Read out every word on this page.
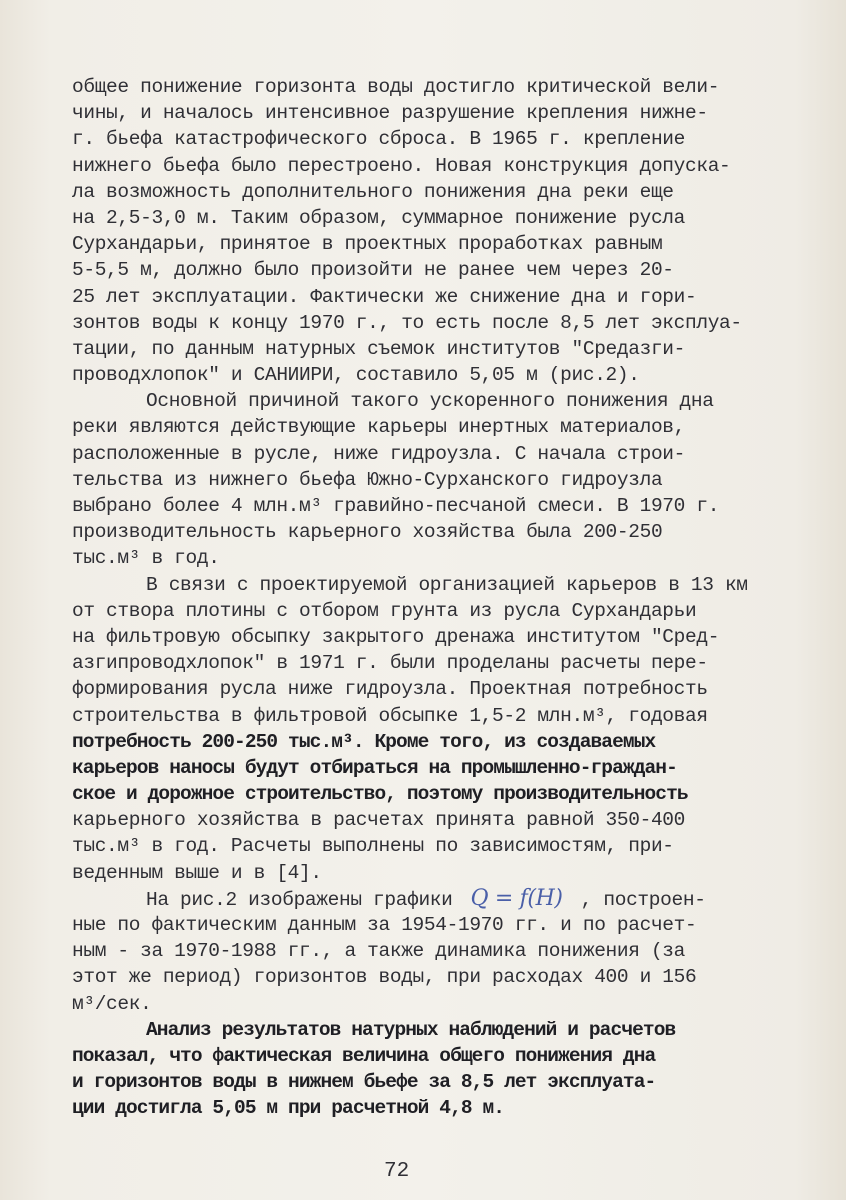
общее понижение горизонта воды достигло критической вели-
чины, и началось интенсивное разрушение крепления нижне-
г. бьефа катастрофического сброса. В 1965 г. крепление
нижнего бьефа было перестроено. Новая конструкция допуска-
ла возможность дополнительного понижения дна реки еще
на 2,5-3,0 м. Таким образом, суммарное понижение русла
Сурхандарьи, принятое в проектных проработках равным
5-5,5 м, должно было произойти не ранее чем через 20-
25 лет эксплуатации. Фактически же снижение дна и гори-
зонтов воды к концу 1970 г., то есть после 8,5 лет эксплуа-
тации, по данным натурных съемок институтов "Средазги-
проводхлопок" и САНИИРИ, составило 5,05 м (рис.2).
Основной причиной такого ускоренного понижения дна
реки являются действующие карьеры инертных материалов,
расположенные в русле, ниже гидроузла. С начала строи-
тельства из нижнего бьефа Южно-Сурханского гидроузла
выбрано более 4 млн.м³ гравийно-песчаной смеси. В 1970 г.
производительность карьерного хозяйства была 200-250
тыс.м³ в год.
В связи с проектируемой организацией карьеров в 13 км
от створа плотины с отбором грунта из русла Сурхандарьи
на фильтровую обсыпку закрытого дренажа институтом "Сред-
азгипроводхлопок" в 1971 г. были проделаны расчеты пере-
формирования русла ниже гидроузла. Проектная потребность
строительства в фильтровой обсыпке 1,5-2 млн.м³, годовая
потребность 200-250 тыс.м³. Кроме того, из создаваемых
карьеров наносы будут отбираться на промышленно-граждан-
ское и дорожное строительство, поэтому производительность
карьерного хозяйства в расчетах принята равной 350-400
тыс.м³ в год. Расчеты выполнены по зависимостям, при-
веденным выше и в [4].
На рис.2 изображены графики Q = f(H) , построен-
ные по фактическим данным за 1954-1970 гг. и по расчет-
ным - за 1970-1988 гг., а также динамика понижения (за
этот же период) горизонтов воды, при расходах 400 и 156
м³/сек.
Анализ результатов натурных наблюдений и расчетов
показал, что фактическая величина общего понижения дна
и горизонтов воды в нижнем бьефе за 8,5 лет эксплуата-
ции достигла 5,05 м при расчетной 4,8 м.
72
